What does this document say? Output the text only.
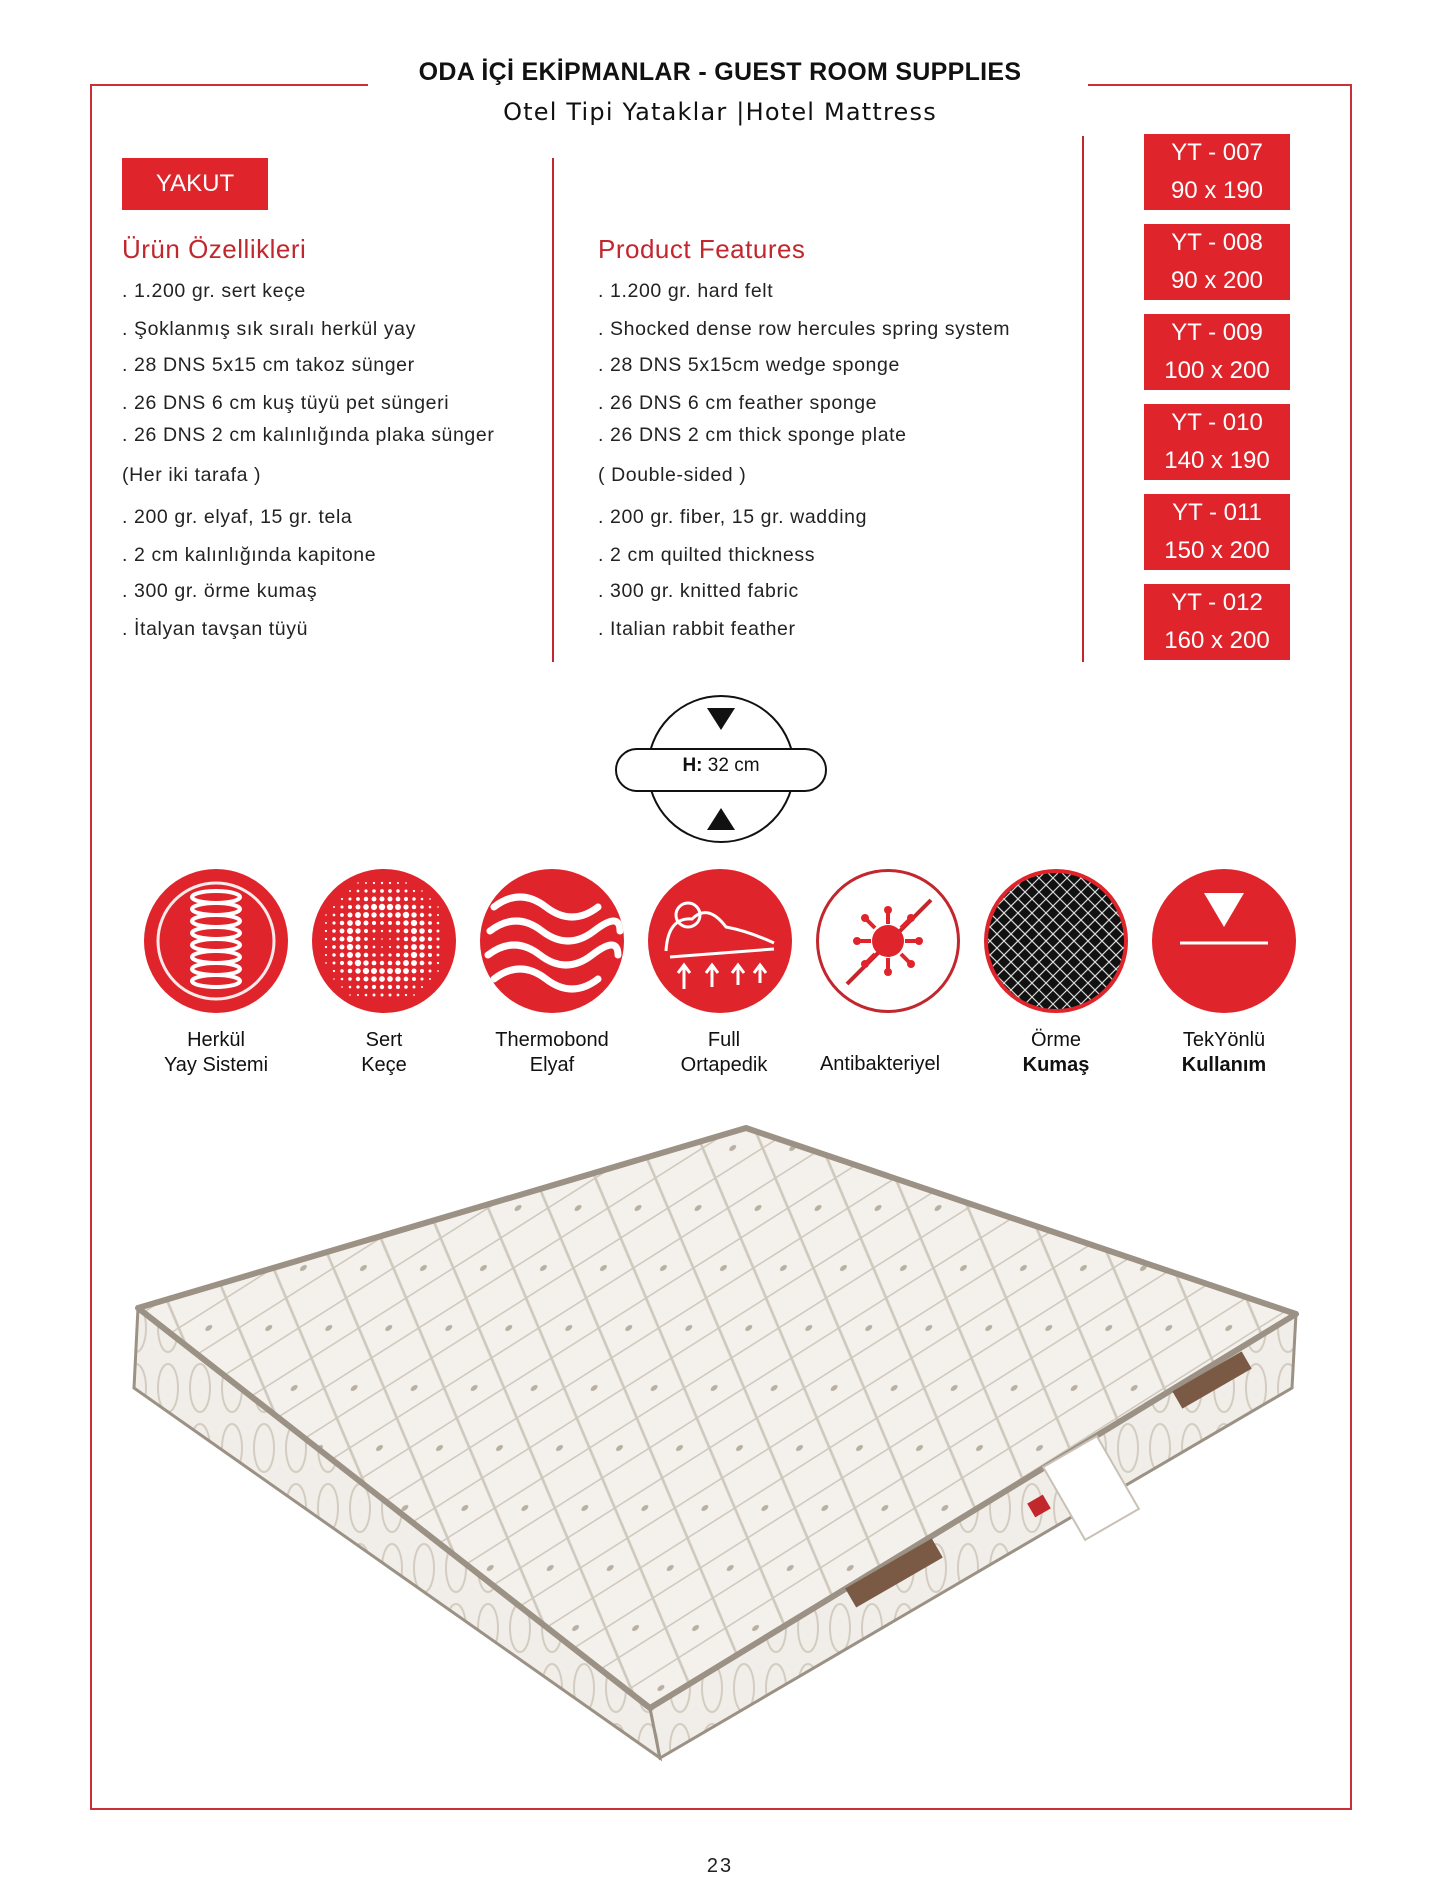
ODA İÇİ EKİPMANLAR - GUEST ROOM SUPPLIES
Otel Tipi Yataklar |Hotel Mattress
YAKUT
Ürün Özellikleri
. 1.200 gr. sert keçe
. Şoklanmış sık sıralı herkül yay
. 28 DNS 5x15 cm takoz sünger
. 26 DNS 6 cm kuş tüyü pet süngeri
. 26 DNS 2 cm kalınlığında plaka sünger
(Her iki tarafa )
. 200 gr. elyaf, 15 gr. tela
. 2 cm kalınlığında kapitone
. 300 gr. örme kumaş
. İtalyan tavşan tüyü
Product Features
. 1.200 gr. hard felt
. Shocked dense row hercules spring system
. 28 DNS 5x15cm wedge sponge
. 26 DNS 6 cm feather sponge
. 26 DNS 2 cm thick sponge plate
( Double-sided )
. 200 gr. fiber, 15 gr. wadding
. 2 cm quilted thickness
. 300 gr. knitted fabric
. Italian rabbit feather
YT - 007
90 x 190
YT - 008
90 x 200
YT - 009
100 x 200
YT - 010
140 x 190
YT - 011
150 x 200
YT - 012
160 x 200
H: 32 cm
Herkül
Yay Sistemi
Sert
Keçe
Thermobond
Elyaf
Full
Ortapedik	Antibakteriyel
Örme
Kumaş
TekYönlü
Kullanım
23
